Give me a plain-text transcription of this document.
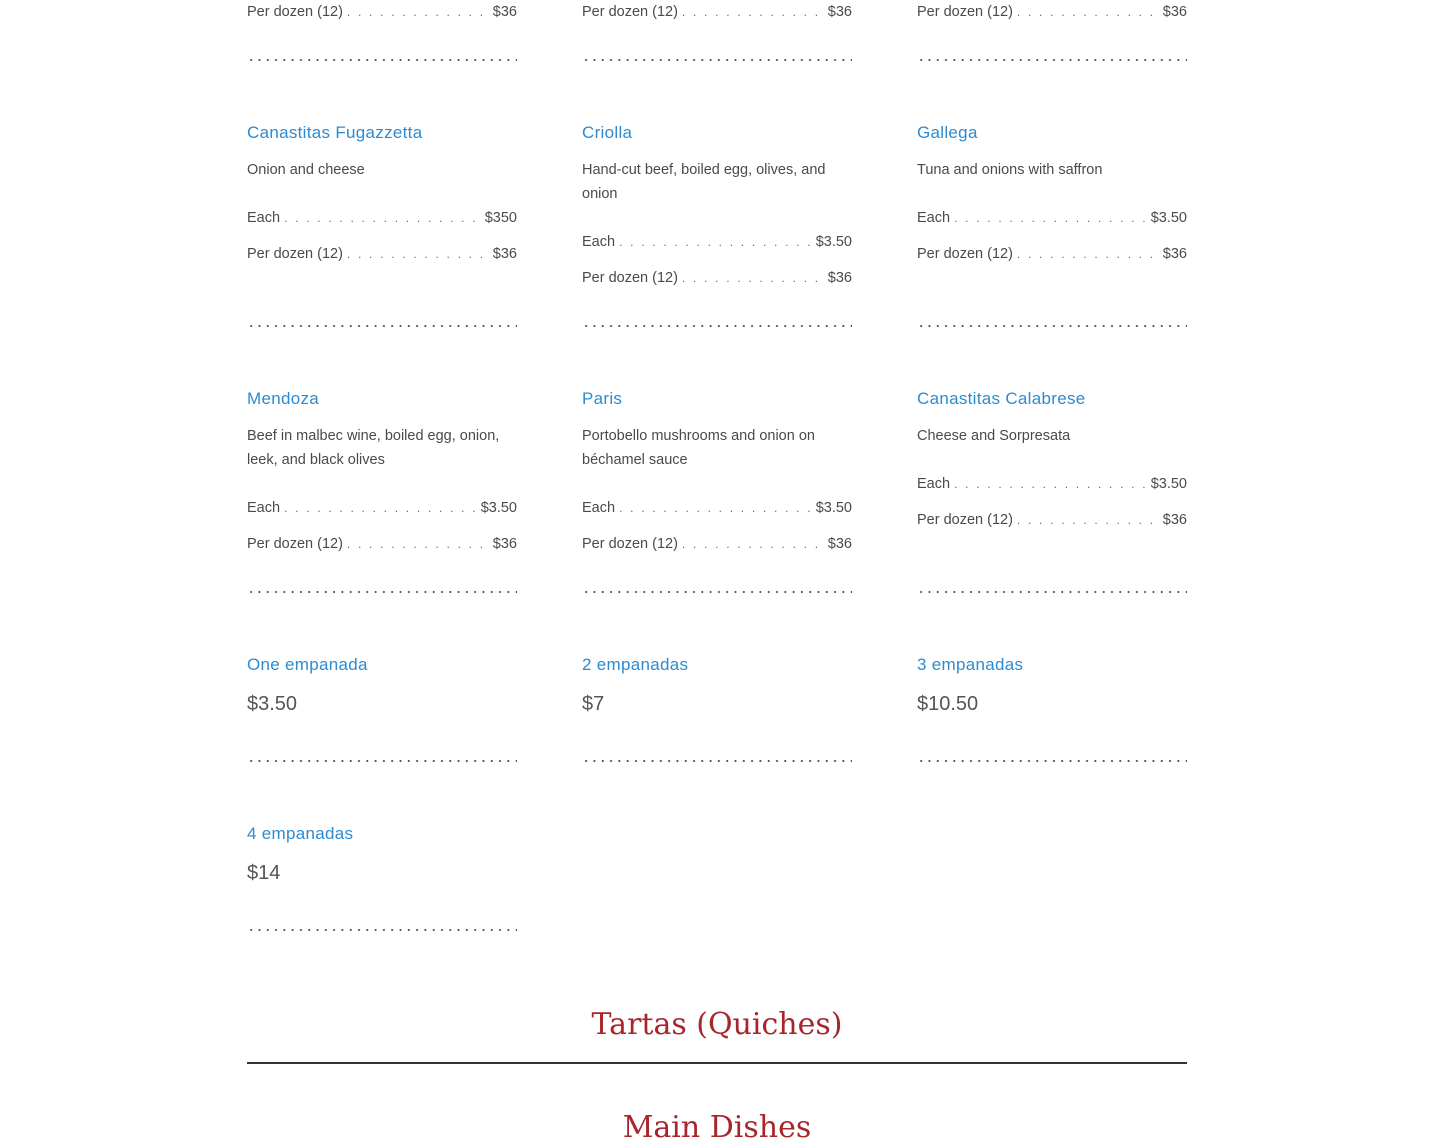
Per dozen (12) . . .	$36	Per dozen (12) . . .	$36	Per dozen (12) . . .	$36
Canastitas Fugazzetta
Onion and cheese
Each . . .	$350
Per dozen (12) . . .	$36
Criolla
Hand-cut beef, boiled egg, olives, and onion
Each . . .	$3.50
Per dozen (12) . . .	$36
Gallega
Tuna and onions with saffron
Each . . .	$3.50
Per dozen (12) . . .	$36
Mendoza
Beef in malbec wine, boiled egg, onion, leek, and black olives
Each . . .	$3.50
Per dozen (12) . . .	$36
Paris
Portobello mushrooms and onion on béchamel sauce
Each . . .	$3.50
Per dozen (12) . . .	$36
Canastitas Calabrese
Cheese and Sorpresata
Each . . .	$3.50
Per dozen (12) . . .	$36
One empanada
$3.50
2 empanadas
$7
3 empanadas
$10.50
4 empanadas
$14
Tartas (Quiches)
Main Dishes
